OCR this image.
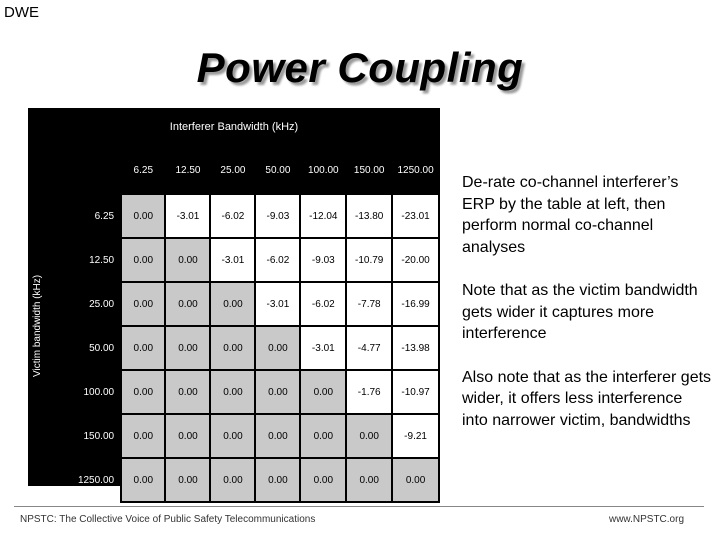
DWE
Power Coupling
Interferer Bandwidth (kHz)
Victim bandwidth (kHz)

	6.25	12.50	25.00	50.00	100.00	150.00	1250.00
6.25	0.00	-3.01	-6.02	-9.03	-12.04	-13.80	-23.01
12.50	0.00	0.00	-3.01	-6.02	-9.03	-10.79	-20.00
25.00	0.00	0.00	0.00	-3.01	-6.02	-7.78	-16.99
50.00	0.00	0.00	0.00	0.00	-3.01	-4.77	-13.98
100.00	0.00	0.00	0.00	0.00	0.00	-1.76	-10.97
150.00	0.00	0.00	0.00	0.00	0.00	0.00	-9.21
1250.00	0.00	0.00	0.00	0.00	0.00	0.00	0.00

De-rate co-channel interferer’s ERP by the table at left, then perform normal co-channel analyses

Note that as the victim bandwidth gets wider it captures more interference

Also note that as the interferer gets wider, it offers less interference into narrower victim, bandwidths

NPSTC: The Collective Voice of Public Safety Telecommunications	www.NPSTC.org
